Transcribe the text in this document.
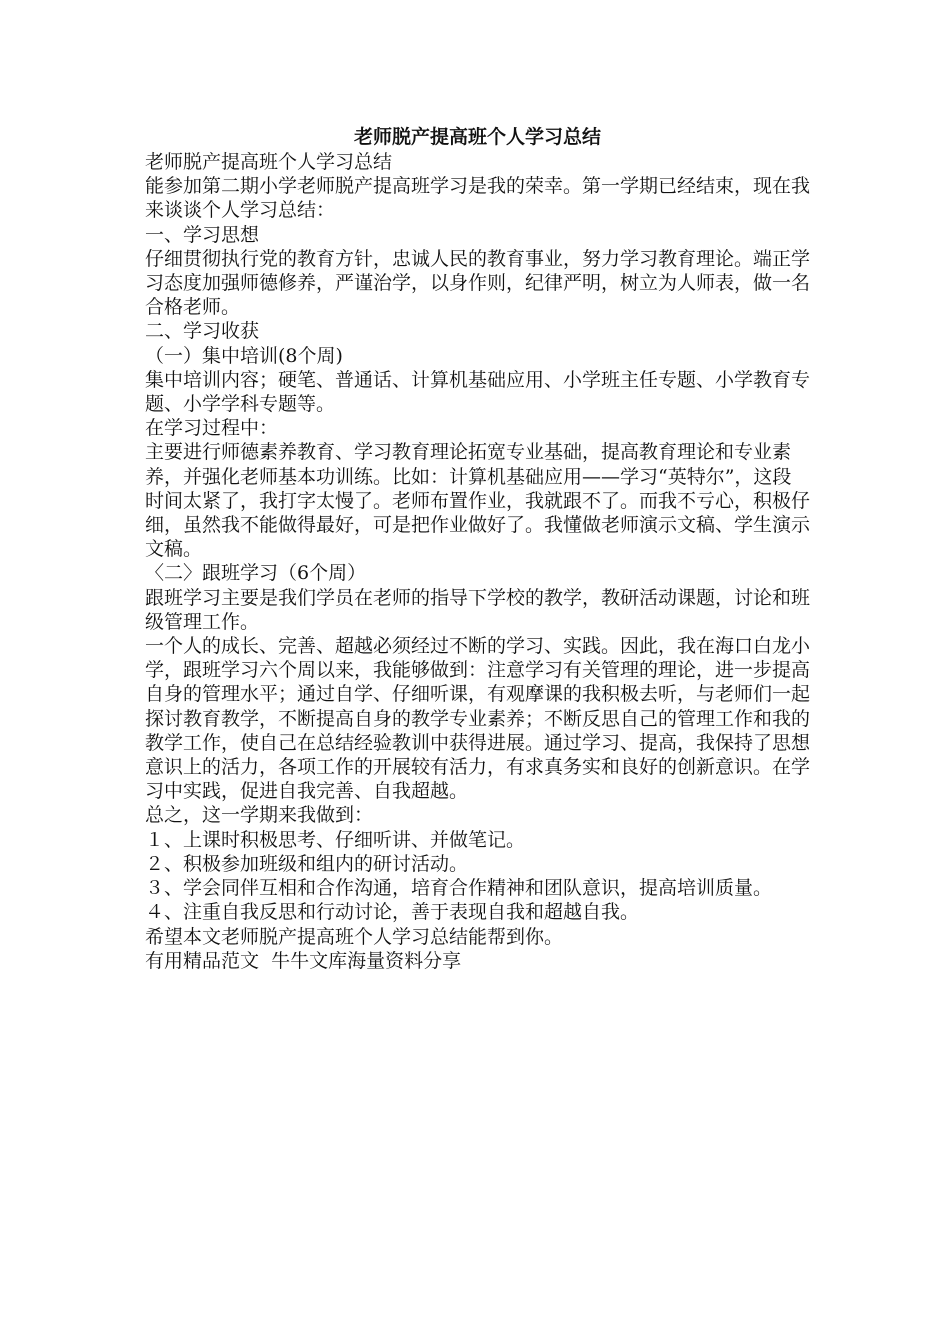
老师脱产提高班个人学习总结

老师脱产提高班个人学习总结

能参加第二期小学老师脱产提高班学习是我的荣幸。第一学期已经结束，现在我来谈谈个人学习总结：

一、学习思想

仔细贯彻执行党的教育方针，忠诚人民的教育事业，努力学习教育理论。端正学习态度加强师德修养，严谨治学，以身作则，纪律严明，树立为人师表，做一名合格老师。

二、学习收获

（一）集中培训(8个周)

集中培训内容；硬笔、普通话、计算机基础应用、小学班主任专题、小学教育专题、小学学科专题等。

在学习过程中：

主要进行师德素养教育、学习教育理论拓宽专业基础，提高教育理论和专业素养，并强化老师基本功训练。比如：计算机基础应用——学习“英特尔”，这段时间太紧了，我打字太慢了。老师布置作业，我就跟不了。而我不亏心，积极仔细，虽然我不能做得最好，可是把作业做好了。我懂做老师演示文稿、学生演示文稿。

〈二〉跟班学习（6个周）

跟班学习主要是我们学员在老师的指导下学校的教学，教研活动课题，讨论和班级管理工作。

一个人的成长、完善、超越必须经过不断的学习、实践。因此，我在海口白龙小学，跟班学习六个周以来，我能够做到：注意学习有关管理的理论，进一步提高自身的管理水平；通过自学、仔细听课，有观摩课的我积极去听，与老师们一起探讨教育教学，不断提高自身的教学专业素养；不断反思自己的管理工作和我的教学工作，使自己在总结经验教训中获得进展。通过学习、提高，我保持了思想意识上的活力，各项工作的开展较有活力，有求真务实和良好的创新意识。在学习中实践，促进自我完善、自我超越。

总之，这一学期来我做到：

１、上课时积极思考、仔细听讲、并做笔记。

２、积极参加班级和组内的研讨活动。

３、学会同伴互相和合作沟通，培育合作精神和团队意识，提高培训质量。

４、注重自我反思和行动讨论，善于表现自我和超越自我。

希望本文老师脱产提高班个人学习总结能帮到你。

有用精品范文  牛牛文库海量资料分享
